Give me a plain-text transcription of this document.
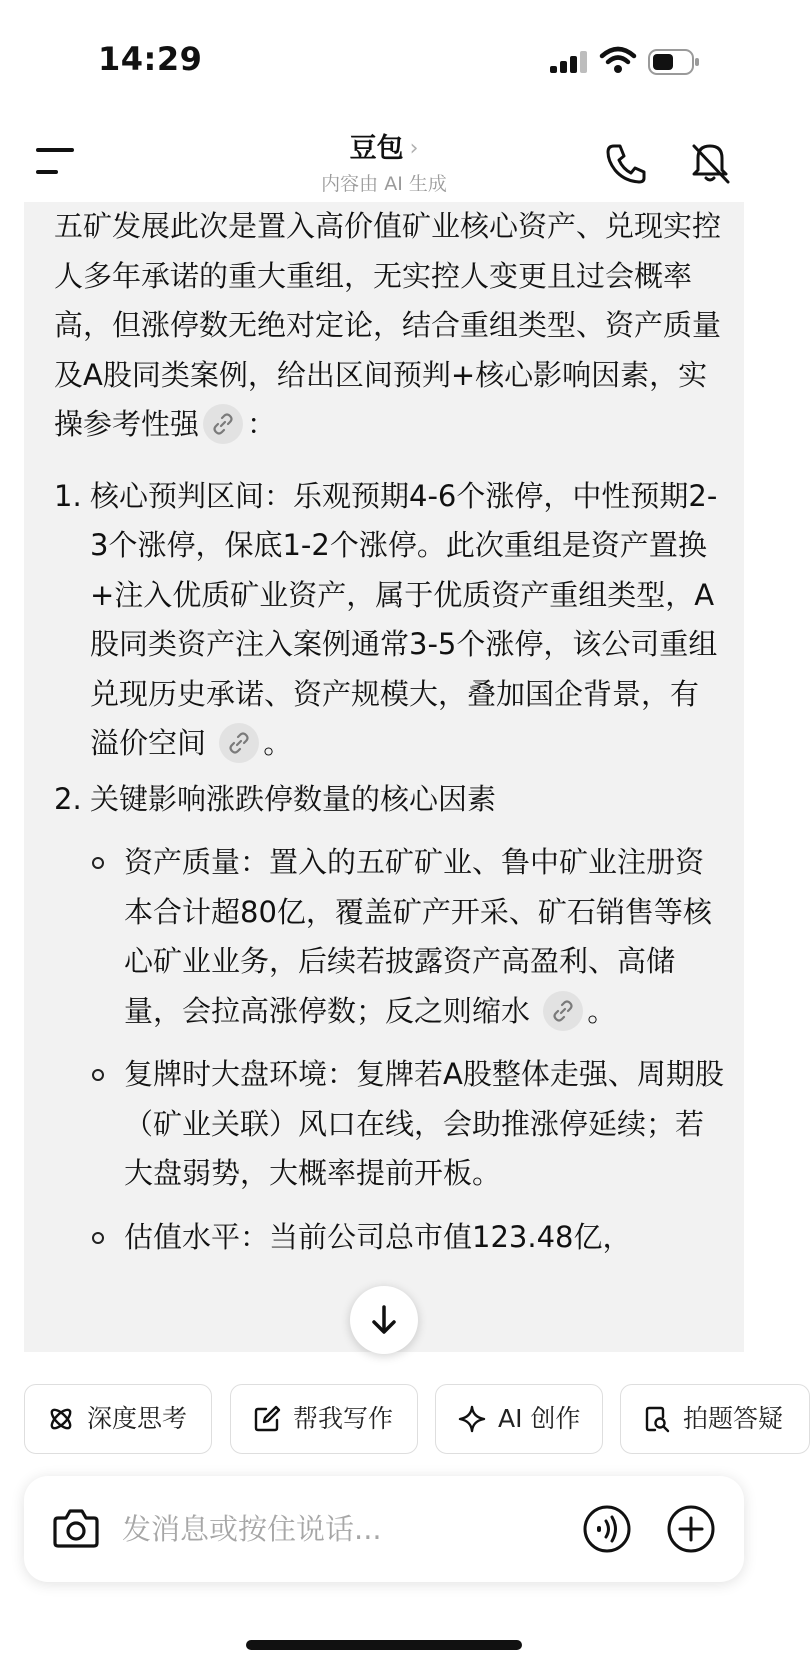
14:29
豆包 ›
内容由 AI 生成
五矿发展此次是置入高价值矿业核心资产、兑现实控人多年承诺的重大重组，无实控人变更且过会概率高，但涨停数无绝对定论，结合重组类型、资产质量及A股同类案例，给出区间预判+核心影响因素，实操参考性强 ：
1. 核心预判区间：乐观预期4-6个涨停，中性预期2-3个涨停，保底1-2个涨停。此次重组是资产置换+注入优质矿业资产，属于优质资产重组类型，A股同类资产注入案例通常3-5个涨停，该公司重组兑现历史承诺、资产规模大，叠加国企背景，有溢价空间 。
2. 关键影响涨跌停数量的核心因素
资产质量：置入的五矿矿业、鲁中矿业注册资本合计超80亿，覆盖矿产开采、矿石销售等核心矿业业务，后续若披露资产高盈利、高储量，会拉高涨停数；反之则缩水 。
复牌时大盘环境：复牌若A股整体走强、周期股（矿业关联）风口在线，会助推涨停延续；若大盘弱势，大概率提前开板。
估值水平：当前公司总市值123.48亿，
深度思考	帮我写作	AI 创作	拍题答疑
发消息或按住说话...
